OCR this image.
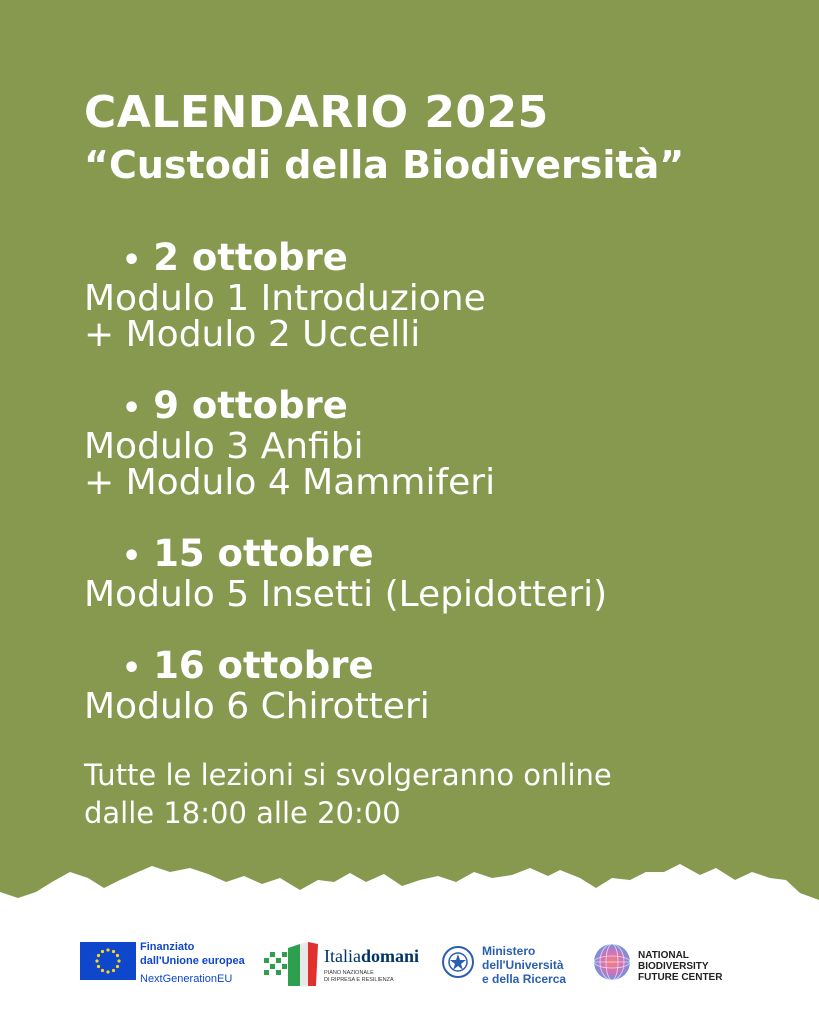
CALENDARIO 2025
“Custodi della Biodiversità”
• 2 ottobre
Modulo 1 Introduzione
+ Modulo 2 Uccelli
• 9 ottobre
Modulo 3 Anfibi
+ Modulo 4 Mammiferi
• 15 ottobre
Modulo 5 Insetti (Lepidotteri)
• 16 ottobre
Modulo 6 Chirotteri
Tutte le lezioni si svolgeranno online
dalle 18:00 alle 20:00
Finanziato
dall'Unione europea
NextGenerationEU
Italiadomani
PIANO NAZIONALE
DI RIPRESA E RESILIENZA
Ministero
dell'Università
e della Ricerca
NATIONAL
BIODIVERSITY
FUTURE CENTER
